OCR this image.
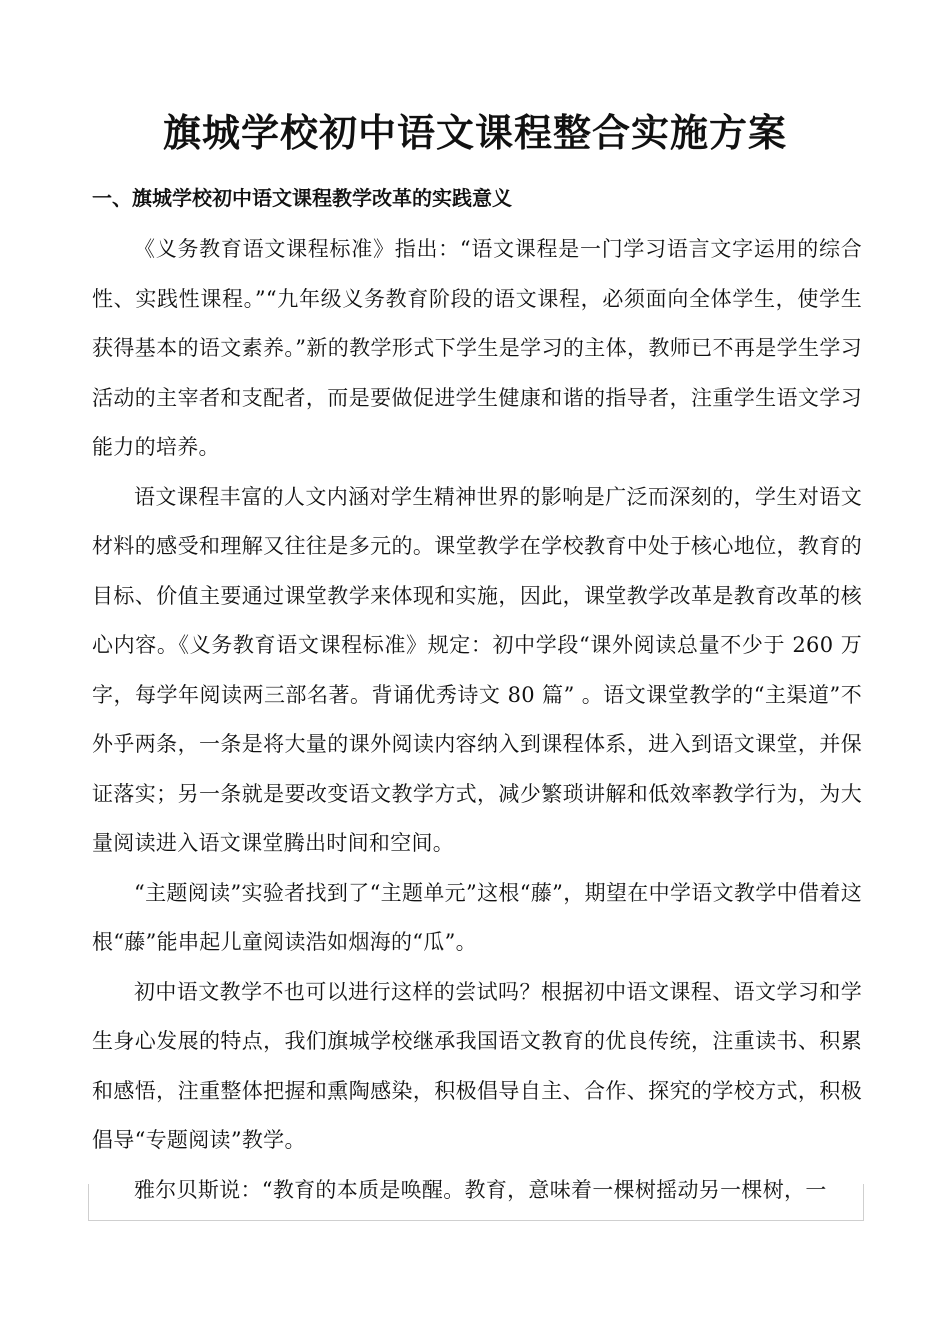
旗城学校初中语文课程整合实施方案
一、旗城学校初中语文课程教学改革的实践意义

《义务教育语文课程标准》指出：“语文课程是一门学习语言文字运用的综合性、实践性课程。”“九年级义务教育阶段的语文课程，必须面向全体学生，使学生获得基本的语文素养。”新的教学形式下学生是学习的主体，教师已不再是学生学习活动的主宰者和支配者，而是要做促进学生健康和谐的指导者，注重学生语文学习能力的培养。

语文课程丰富的人文内涵对学生精神世界的影响是广泛而深刻的，学生对语文材料的感受和理解又往往是多元的。课堂教学在学校教育中处于核心地位，教育的目标、价值主要通过课堂教学来体现和实施，因此，课堂教学改革是教育改革的核心内容。《义务教育语文课程标准》规定：初中学段“课外阅读总量不少于 260 万字，每学年阅读两三部名著。背诵优秀诗文 80 篇” 。语文课堂教学的“主渠道”不外乎两条，一条是将大量的课外阅读内容纳入到课程体系，进入到语文课堂，并保证落实；另一条就是要改变语文教学方式，减少繁琐讲解和低效率教学行为，为大量阅读进入语文课堂腾出时间和空间。

“主题阅读”实验者找到了“主题单元”这根“藤”，期望在中学语文教学中借着这根“藤”能串起儿童阅读浩如烟海的“瓜”。

初中语文教学不也可以进行这样的尝试吗？根据初中语文课程、语文学习和学生身心发展的特点，我们旗城学校继承我国语文教育的优良传统，注重读书、积累和感悟，注重整体把握和熏陶感染，积极倡导自主、合作、探究的学校方式，积极倡导“专题阅读”教学。

雅尔贝斯说：“教育的本质是唤醒。教育，意味着一棵树摇动另一棵树，一
